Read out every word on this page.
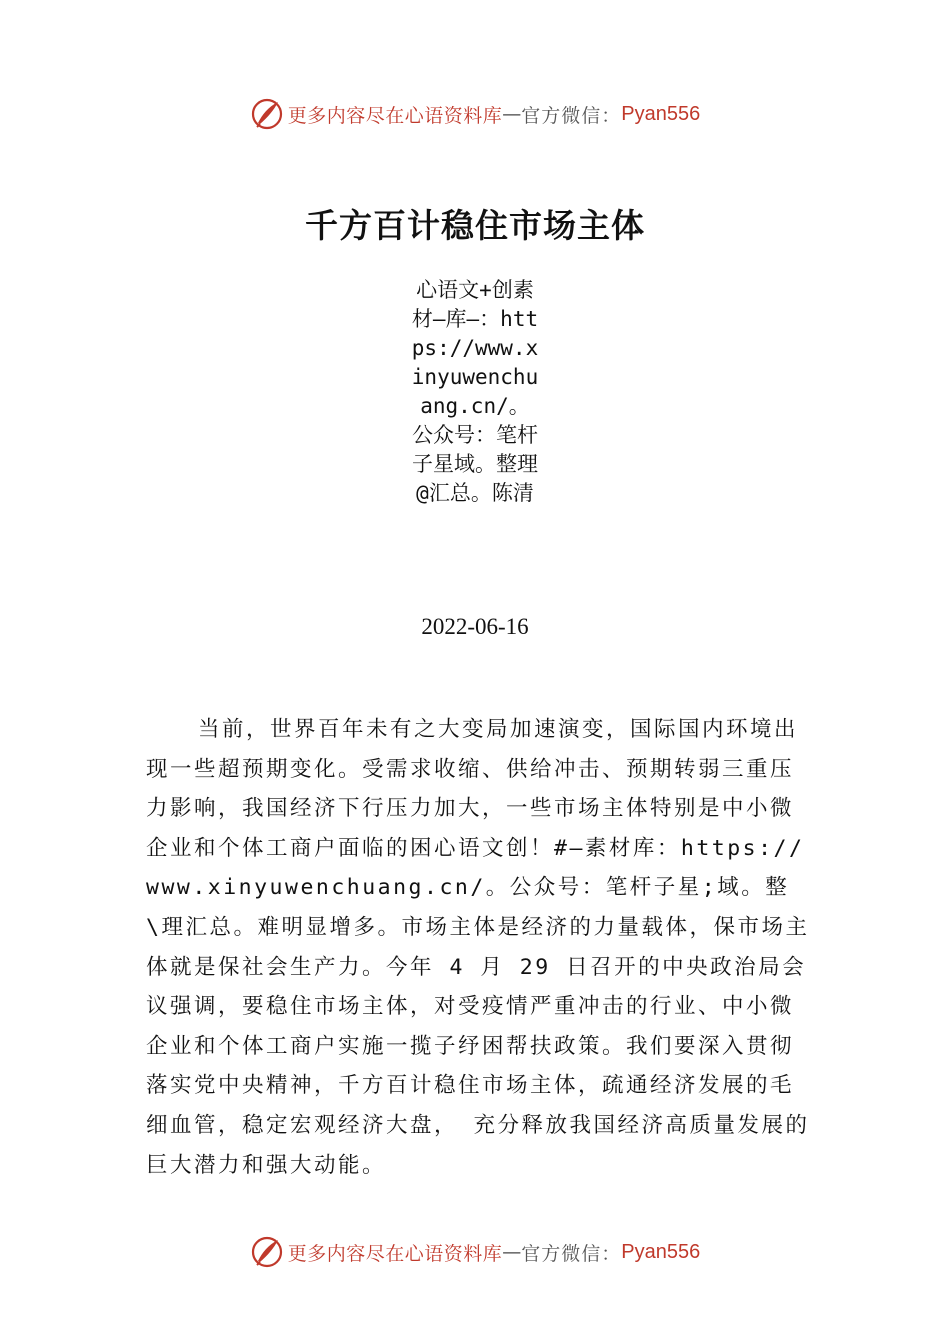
更多内容尽在心语资料库 — 官方微信： Pyan556
千方百计稳住市场主体
心语文+创素材—库—：https://www.xinyuwenchuang.cn/。公众号：笔杆子星域。整理@汇总。陈清
2022-06-16

当前，世界百年未有之大变局加速演变，国际国内环境出现一些超预期变化。受需求收缩、供给冲击、预期转弱三重压力影响，我国经济下行压力加大，一些市场主体特别是中小微企业和个体工商户面临的困心语文创！#—素材库：https://www.xinyuwenchuang.cn/。公众号：笔杆子星;域。整\理汇总。难明显增多。市场主体是经济的力量载体，保市场主体就是保社会生产力。今年 4 月 29 日召开的中央政治局会议强调，要稳住市场主体，对受疫情严重冲击的行业、中小微企业和个体工商户实施一揽子纾困帮扶政策。我们要深入贯彻落实党中央精神，千方百计稳住市场主体，疏通经济发展的毛细血管，稳定宏观经济大盘， 充分释放我国经济高质量发展的巨大潜力和强大动能。

更多内容尽在心语资料库 — 官方微信： Pyan556
